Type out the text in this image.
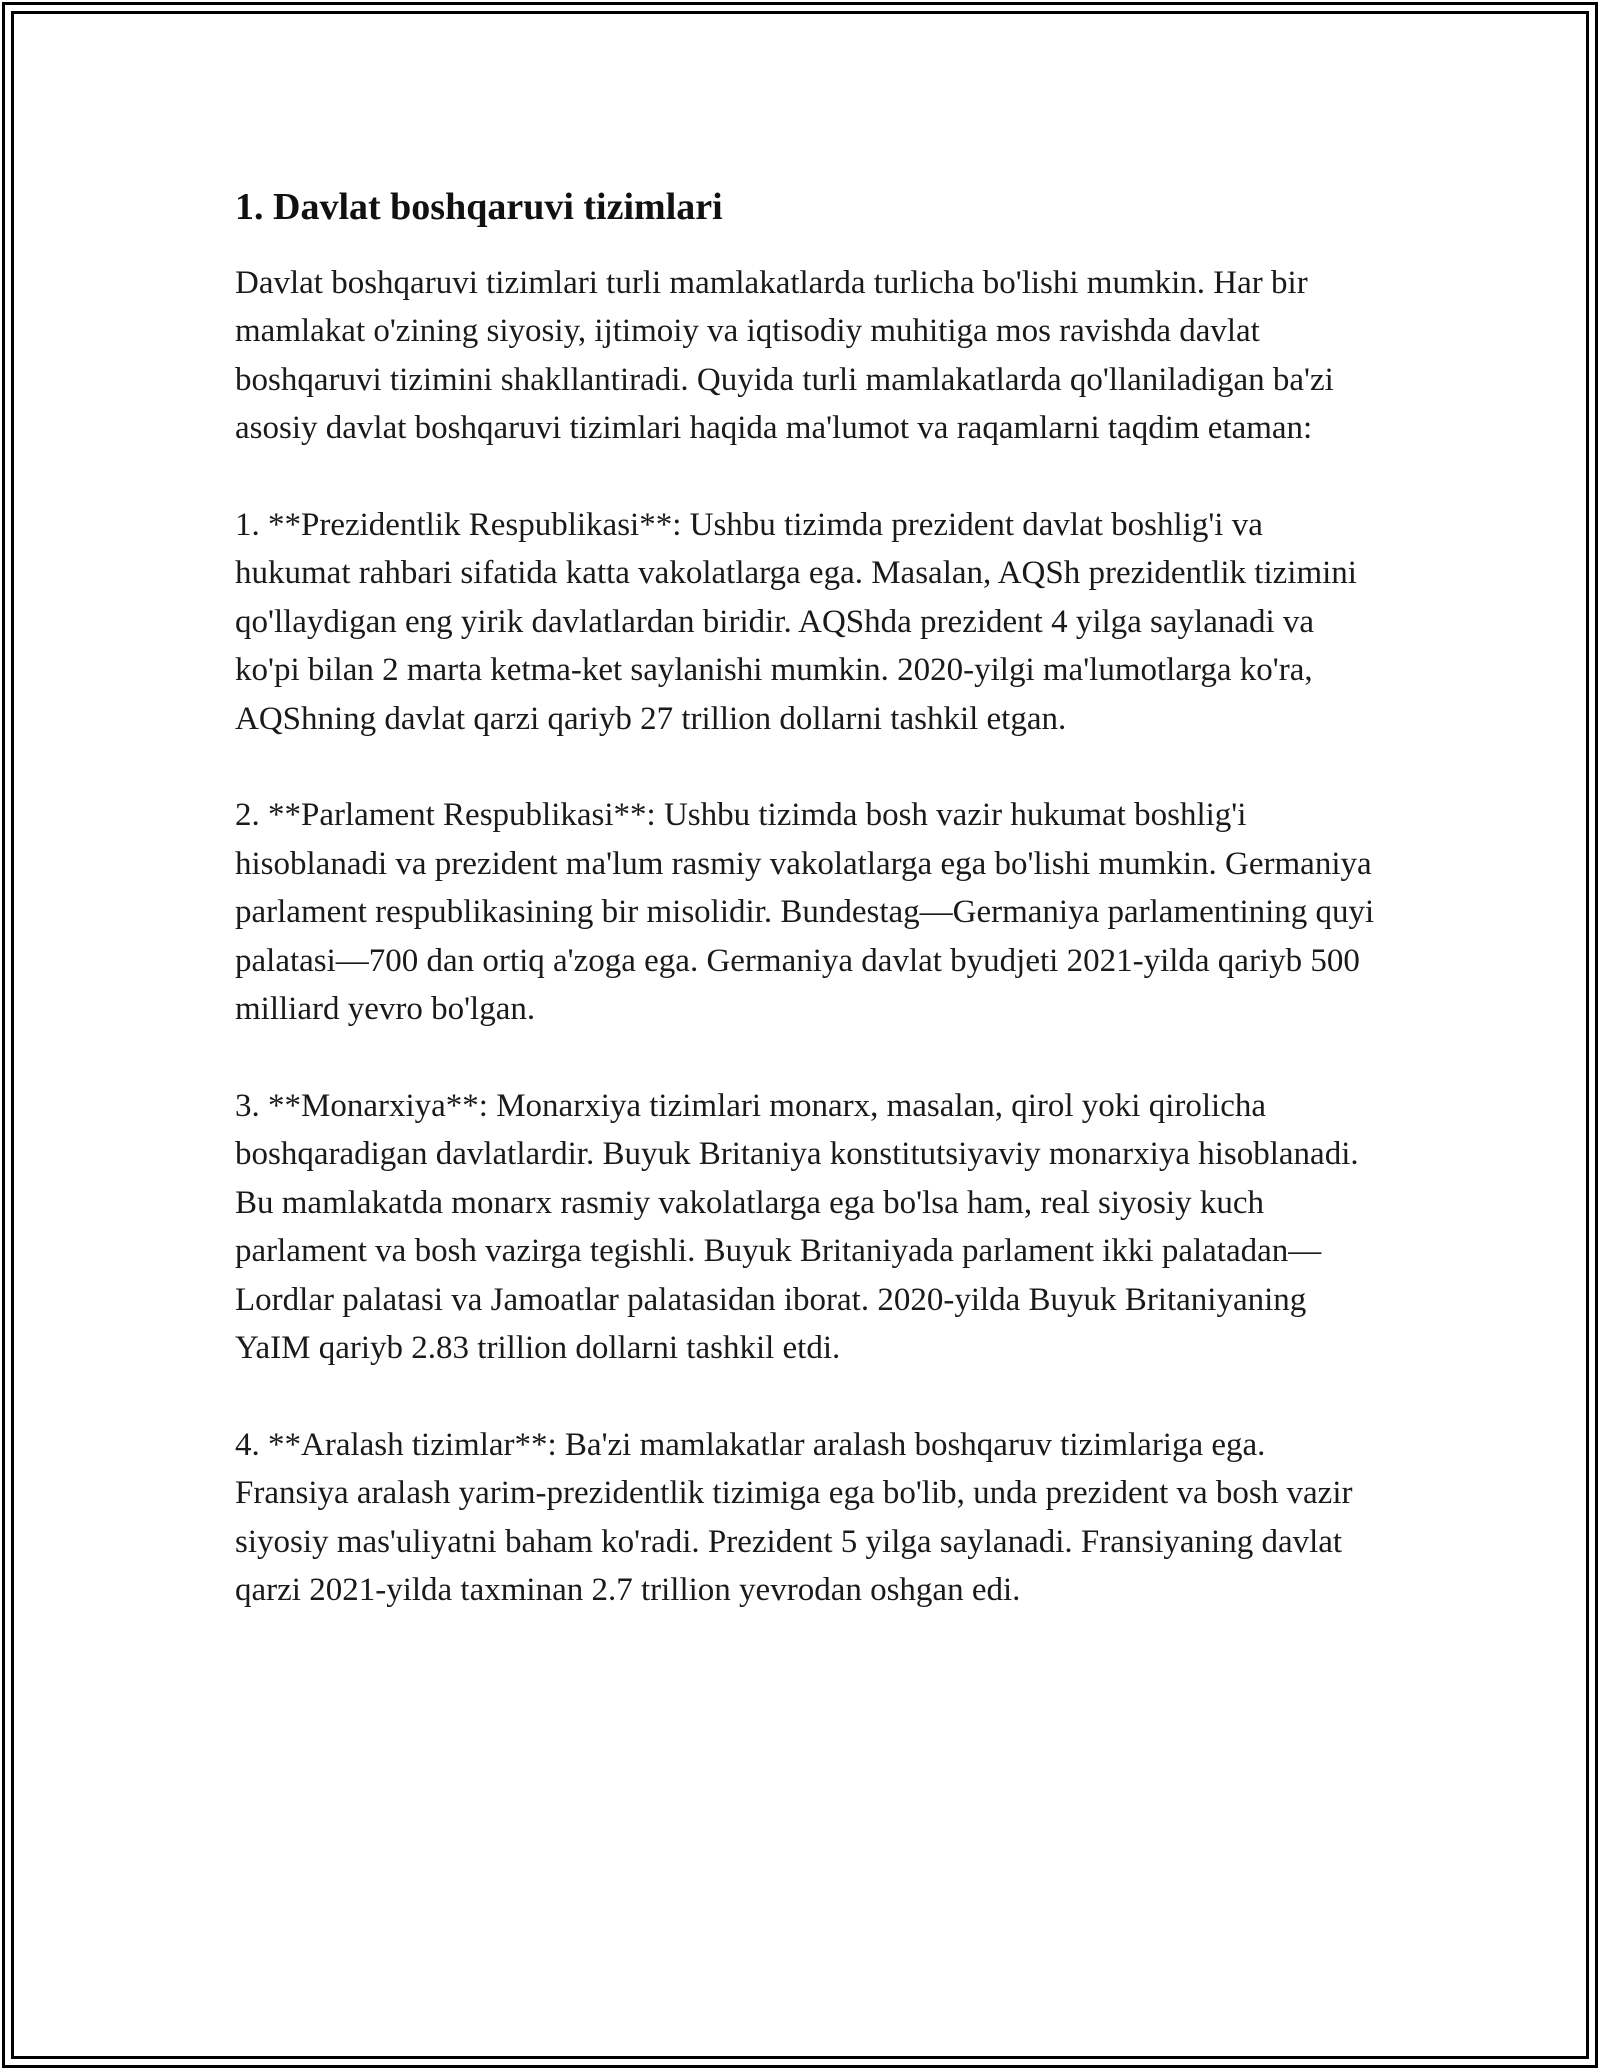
1. Davlat boshqaruvi tizimlari

Davlat boshqaruvi tizimlari turli mamlakatlarda turlicha bo'lishi mumkin. Har bir mamlakat o'zining siyosiy, ijtimoiy va iqtisodiy muhitiga mos ravishda davlat boshqaruvi tizimini shakllantiradi. Quyida turli mamlakatlarda qo'llaniladigan ba'zi asosiy davlat boshqaruvi tizimlari haqida ma'lumot va raqamlarni taqdim etaman:

1. **Prezidentlik Respublikasi**: Ushbu tizimda prezident davlat boshlig'i va hukumat rahbari sifatida katta vakolatlarga ega. Masalan, AQSh prezidentlik tizimini qo'llaydigan eng yirik davlatlardan biridir. AQShda prezident 4 yilga saylanadi va ko'pi bilan 2 marta ketma-ket saylanishi mumkin. 2020-yilgi ma'lumotlarga ko'ra, AQShning davlat qarzi qariyb 27 trillion dollarni tashkil etgan.

2. **Parlament Respublikasi**: Ushbu tizimda bosh vazir hukumat boshlig'i hisoblanadi va prezident ma'lum rasmiy vakolatlarga ega bo'lishi mumkin. Germaniya parlament respublikasining bir misolidir. Bundestag—Germaniya parlamentining quyi palatasi—700 dan ortiq a'zoga ega. Germaniya davlat byudjeti 2021-yilda qariyb 500 milliard yevro bo'lgan.

3. **Monarxiya**: Monarxiya tizimlari monarx, masalan, qirol yoki qirolicha boshqaradigan davlatlardir. Buyuk Britaniya konstitutsiyaviy monarxiya hisoblanadi. Bu mamlakatda monarx rasmiy vakolatlarga ega bo'lsa ham, real siyosiy kuch parlament va bosh vazirga tegishli. Buyuk Britaniyada parlament ikki palatadan—Lordlar palatasi va Jamoatlar palatasidan iborat. 2020-yilda Buyuk Britaniyaning YaIM qariyb 2.83 trillion dollarni tashkil etdi.

4. **Aralash tizimlar**: Ba'zi mamlakatlar aralash boshqaruv tizimlariga ega. Fransiya aralash yarim-prezidentlik tizimiga ega bo'lib, unda prezident va bosh vazir siyosiy mas'uliyatni baham ko'radi. Prezident 5 yilga saylanadi. Fransiyaning davlat qarzi 2021-yilda taxminan 2.7 trillion yevrodan oshgan edi.
